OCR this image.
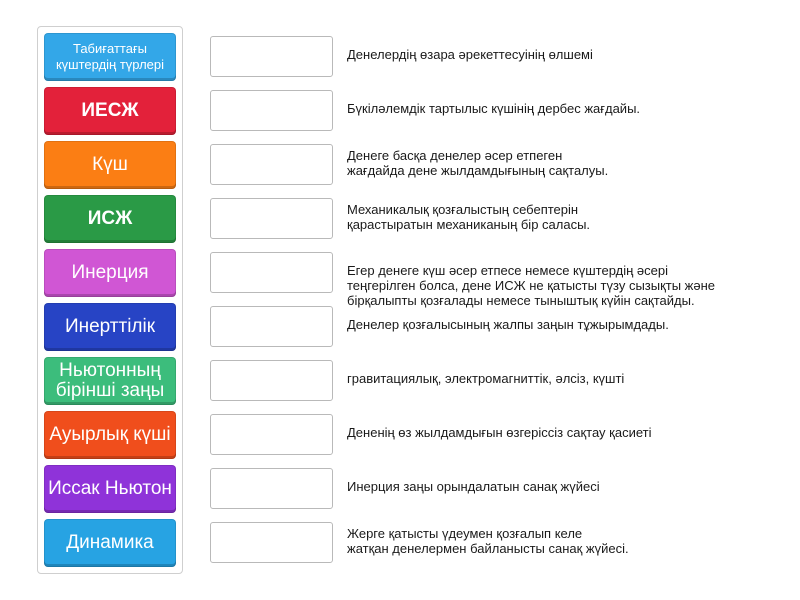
Табиғаттағы күштердің түрлері
ИЕСЖ
Күш
ИСЖ
Инерция
Инерттілік
Ньютонның бірінші заңы
Ауырлық күші
Иссак Ньютон
Динамика
Денелердің өзара әрекеттесуінің өлшемі
Бүкіләлемдік тартылыс күшінің дербес жағдайы.
Денеге басқа денелер әсер етпеген
жағдайда дене жылдамдығының сақталуы.
Механикалық қозғалыстың себептерін
қарастыратын механиканың бір саласы.
Егер денеге күш әсер етпесе немесе күштердің әсері
теңгерілген болса, дене ИСЖ не қатысты түзу сызықты және
бірқалыпты қозғалады немесе тыныштық күйін сақтайды.
Денелер қозғалысының жалпы заңын тұжырымдады.
гравитациялық, электромагниттік, әлсіз, күшті
Дененің өз жылдамдығын өзгеріссіз сақтау қасиеті
Инерция заңы орындалатын санақ жүйесі
Жерге қатысты үдеумен қозғалып келе
жатқан денелермен байланысты санақ жүйесі.
